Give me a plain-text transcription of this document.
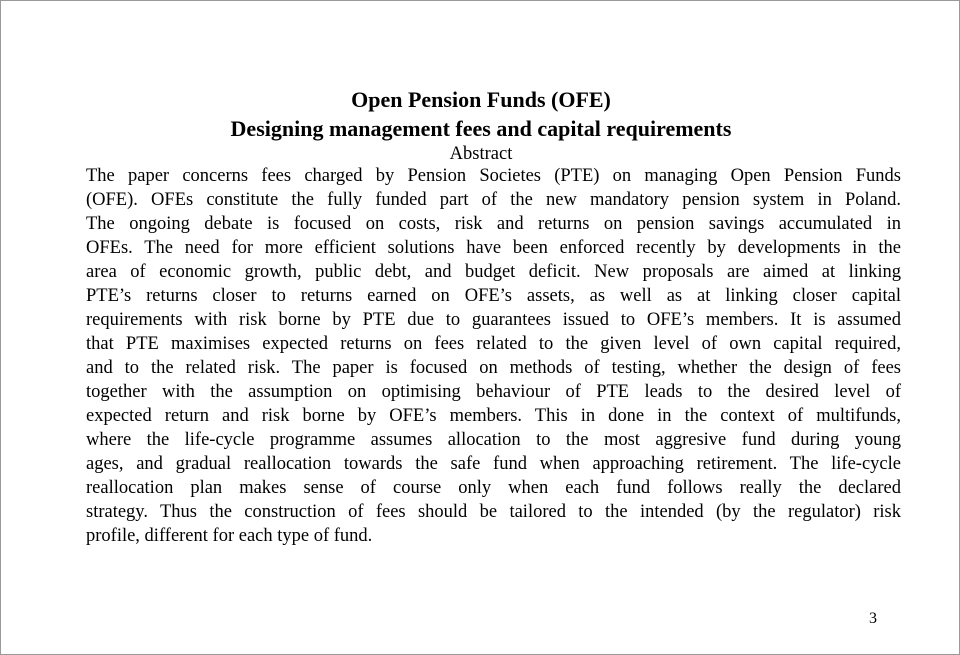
Open Pension Funds (OFE)
Designing management fees and capital requirements
Abstract
The paper concerns fees charged by Pension Societes (PTE) on managing Open Pension Funds
(OFE). OFEs constitute the fully funded part of the new mandatory pension system in Poland.
The ongoing debate is focused on costs, risk and returns on pension savings accumulated in
OFEs. The need for more efficient solutions have been enforced recently by developments in the
area of economic growth, public debt, and budget deficit. New proposals are aimed at linking
PTE’s returns closer to returns earned on OFE’s assets, as well as at linking closer capital
requirements with risk borne by PTE due to guarantees issued to OFE’s members. It is assumed
that PTE maximises expected returns on fees related to the given level of own capital required,
and to the related risk. The paper is focused on methods of testing, whether the design of fees
together with the assumption on optimising behaviour of PTE leads to the desired level of
expected return and risk borne by OFE’s members. This in done in the context of multifunds,
where the life-cycle programme assumes allocation to the most aggresive fund during young
ages, and gradual reallocation towards the safe fund when approaching retirement. The life-cycle
reallocation plan makes sense of course only when each fund follows really the declared
strategy. Thus the construction of fees should be tailored to the intended (by the regulator) risk
profile, different for each type of fund.
3
